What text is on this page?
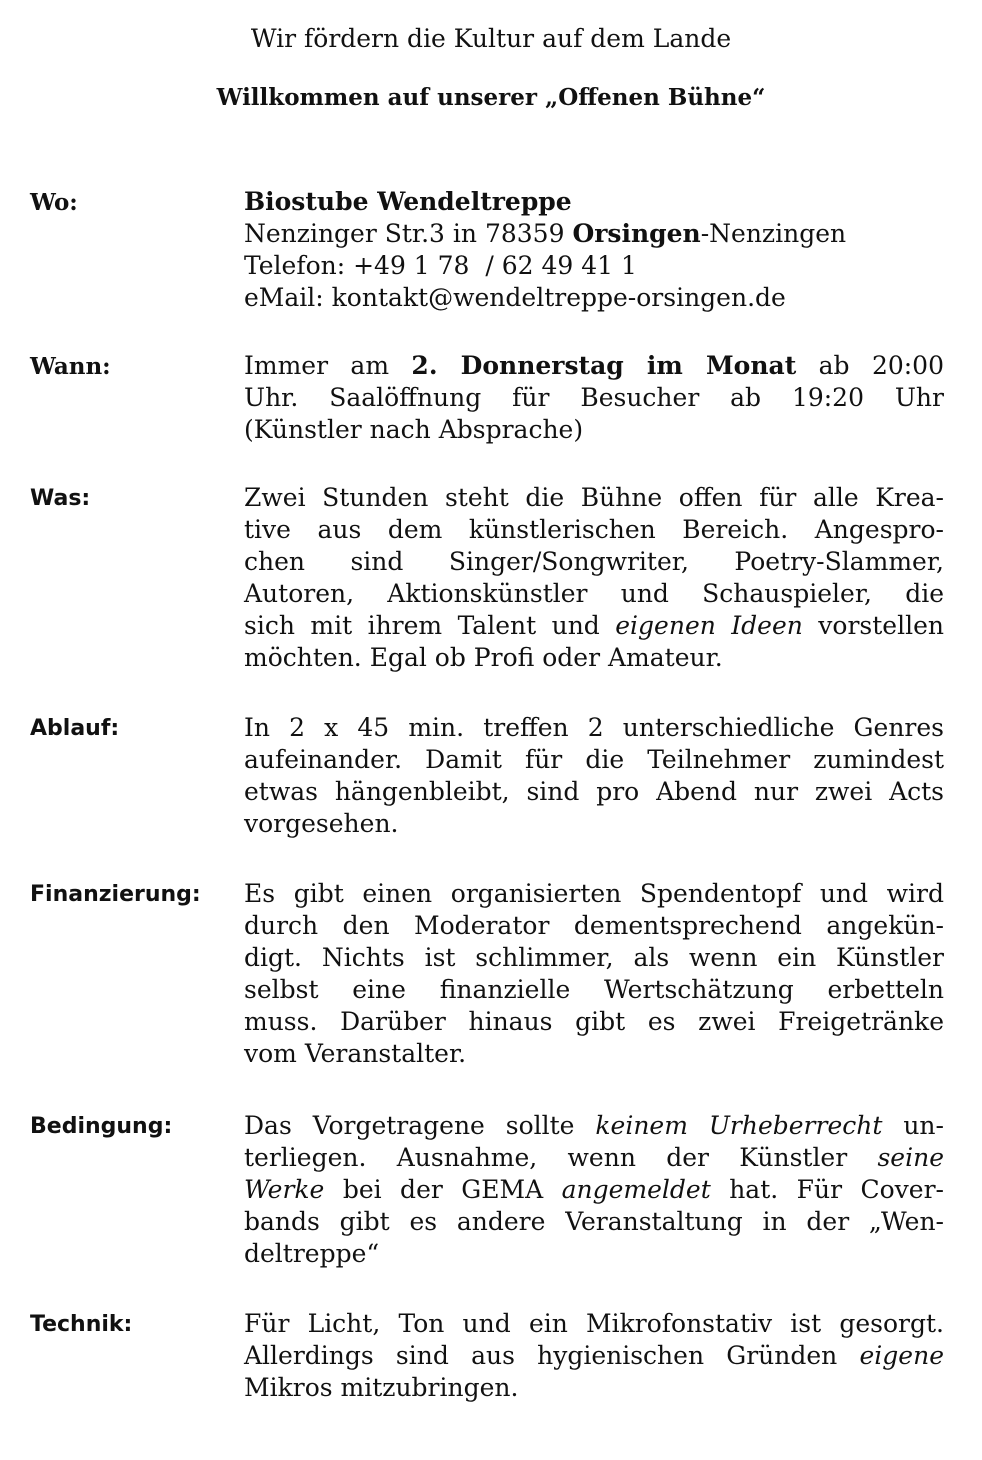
Wir fördern die Kultur auf dem Lande
Willkommen auf unserer „Offenen Bühne“
Wo:	Biostube Wendeltreppe
Nenzinger Str.3 in 78359 Orsingen-Nenzingen
Telefon: +49 1 78  / 62 49 41 1
eMail: kontakt@wendeltreppe-orsingen.de
Wann:	Immer am 2. Donnerstag im Monat ab 20:00
Uhr. Saalöffnung für Besucher ab 19:20 Uhr
(Künstler nach Absprache)
Was:	Zwei Stunden steht die Bühne offen für alle Krea-
tive aus dem künstlerischen Bereich. Angespro-
chen sind Singer/Songwriter, Poetry-Slammer,
Autoren, Aktionskünstler und Schauspieler, die
sich mit ihrem Talent und eigenen Ideen vorstellen
möchten. Egal ob Profi oder Amateur.
Ablauf:	In 2 x 45 min. treffen 2 unterschiedliche Genres
aufeinander. Damit für die Teilnehmer zumindest
etwas hängenbleibt, sind pro Abend nur zwei Acts
vorgesehen.
Finanzierung: Es gibt einen organisierten Spendentopf und wird
durch den Moderator dementsprechend angekün-
digt. Nichts ist schlimmer, als wenn ein Künstler
selbst eine finanzielle Wertschätzung erbetteln
muss. Darüber hinaus gibt es zwei Freigetränke
vom Veranstalter.
Bedingung:	Das Vorgetragene sollte keinem Urheberrecht un-
terliegen. Ausnahme, wenn der Künstler seine
Werke bei der GEMA angemeldet hat. Für Cover-
bands gibt es andere Veranstaltung in der „Wen-
deltreppe“
Technik:	Für Licht, Ton und ein Mikrofonstativ ist gesorgt.
Allerdings sind aus hygienischen Gründen eigene
Mikros mitzubringen.
